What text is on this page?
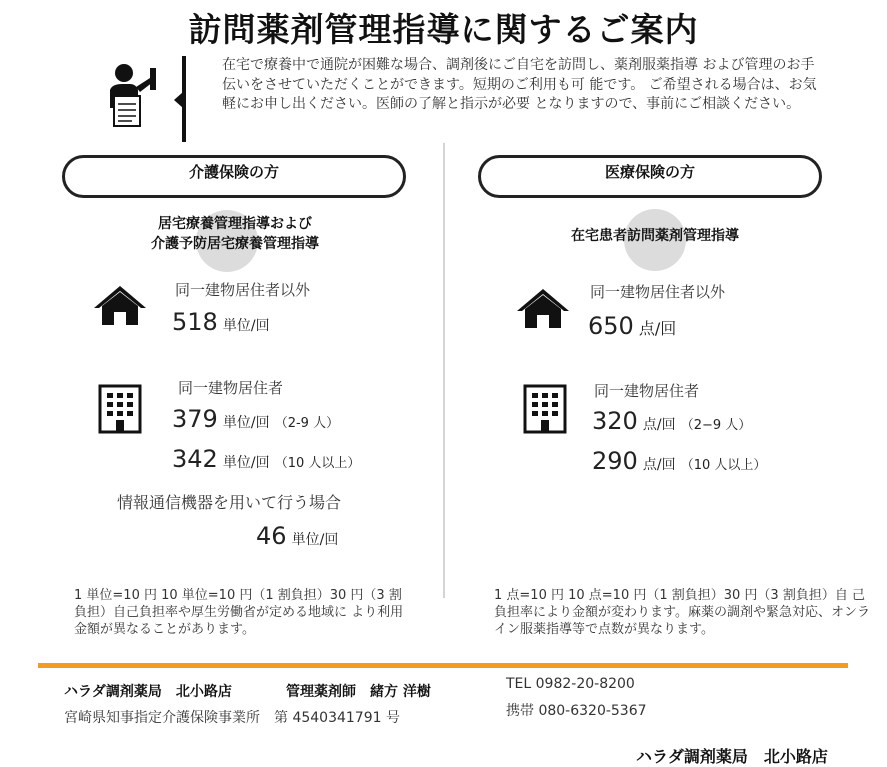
訪問薬剤管理指導に関するご案内
在宅で療養中で通院が困難な場合、調剤後にご自宅を訪問し、薬剤服薬指導 および管理のお手伝いをさせていただくことができます。短期のご利用も可 能です。 ご希望される場合は、お気軽にお申し出ください。医師の了解と指示が必要 となりますので、事前にご相談ください。
介護保険の方
居宅療養管理指導および
介護予防居宅療養管理指導
同一建物居住者以外
518 単位/回
同一建物居住者
379 単位/回 （2-9 人）
342 単位/回 （10 人以上）
情報通信機器を用いて行う場合
46 単位/回
1 単位=10 円 10 単位=10 円（1 割負担）30 円（3 割負担）自己負担率や厚生労働省が定める地域に より利用金額が異なることがあります。
医療保険の方
在宅患者訪問薬剤管理指導
同一建物居住者以外
650 点/回
同一建物居住者
320 点/回 （2−9 人）
290 点/回 （10 人以上）
1 点=10 円 10 点=10 円（1 割負担）30 円（3 割負担）自 己負担率により金額が変わります。麻薬の調剤や緊急対応、オンライン服薬指導等で点数が異なります。
ハラダ調剤薬局　北小路店	管理薬剤師　緒方 洋樹
宮崎県知事指定介護保険事業所　第 4540341791 号
TEL 0982-20-8200
携帯 080-6320-5367
ハラダ調剤薬局　北小路店
